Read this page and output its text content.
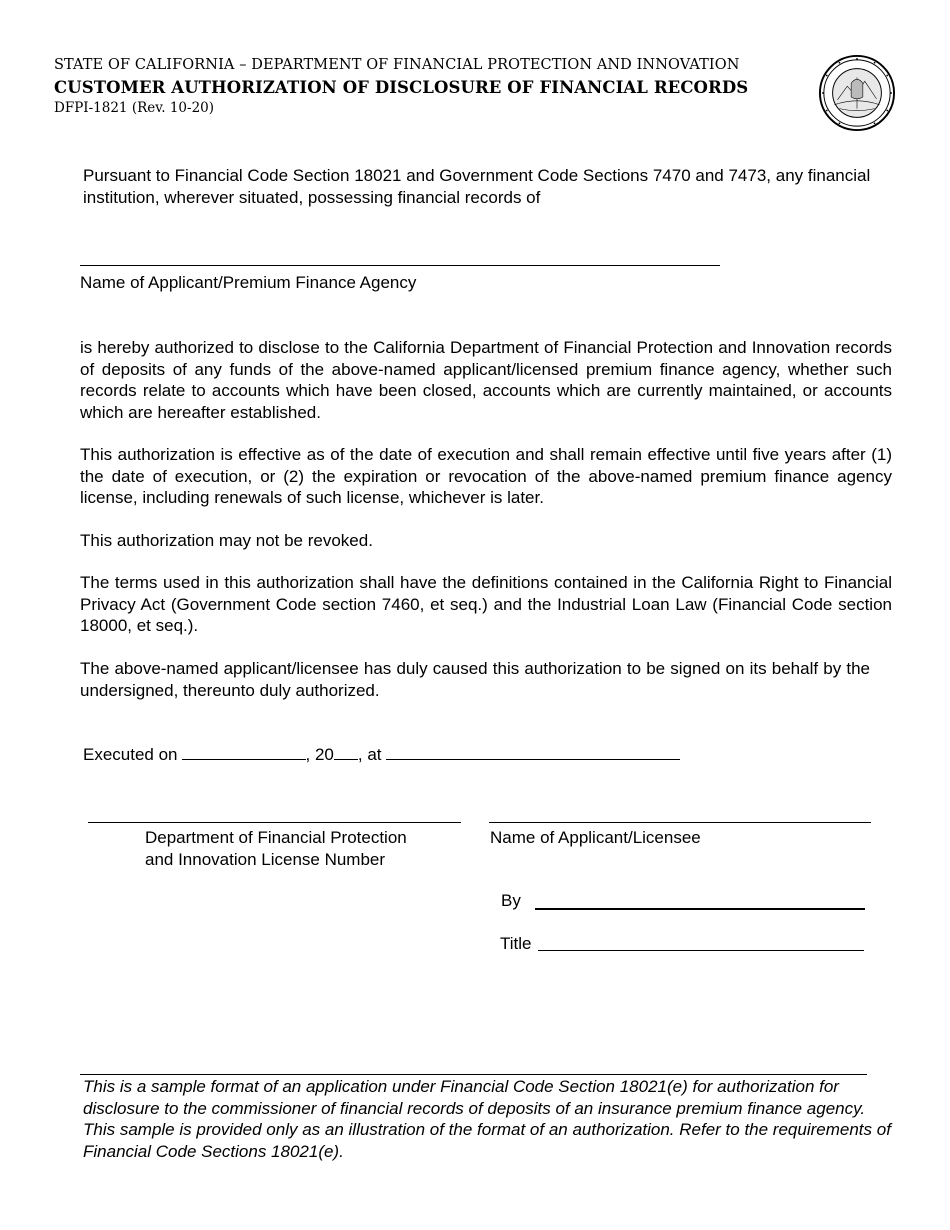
STATE OF CALIFORNIA – DEPARTMENT OF FINANCIAL PROTECTION AND INNOVATION
CUSTOMER AUTHORIZATION OF DISCLOSURE OF FINANCIAL RECORDS
DFPI-1821 (Rev. 10-20)
Pursuant to Financial Code Section 18021 and Government Code Sections 7470 and 7473, any financial institution, wherever situated, possessing financial records of
Name of Applicant/Premium Finance Agency
is hereby authorized to disclose to the California Department of Financial Protection and Innovation records of deposits of any funds of the above-named applicant/licensed premium finance agency, whether such records relate to accounts which have been closed, accounts which are currently maintained, or accounts which are hereafter established.
This authorization is effective as of the date of execution and shall remain effective until five years after (1) the date of execution, or (2) the expiration or revocation of the above-named premium finance agency license, including renewals of such license, whichever is later.
This authorization may not be revoked.
The terms used in this authorization shall have the definitions contained in the California Right to Financial Privacy Act (Government Code section 7460, et seq.) and the Industrial Loan Law (Financial Code section 18000, et seq.).
The above-named applicant/licensee has duly caused this authorization to be signed on its behalf by the undersigned, thereunto duly authorized.
Executed on	, 20 , at
Department of Financial Protection
and Innovation License Number
Name of Applicant/Licensee
By
Title
This is a sample format of an application under Financial Code Section 18021(e) for authorization for disclosure to the commissioner of financial records of deposits of an insurance premium finance agency. This sample is provided only as an illustration of the format of an authorization. Refer to the requirements of Financial Code Sections 18021(e).
